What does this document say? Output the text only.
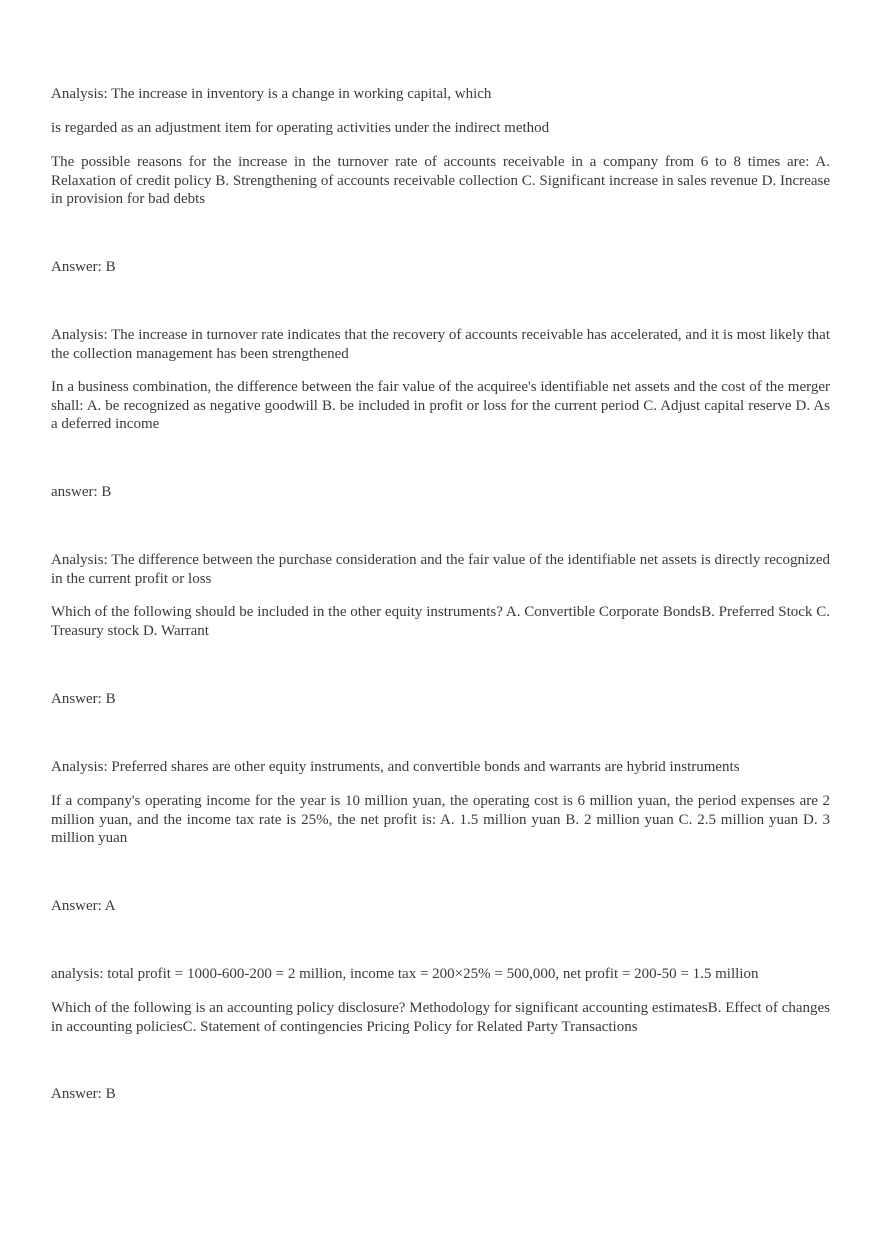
Analysis: The increase in inventory is a change in working capital, which

is regarded as an adjustment item for operating activities under the indirect method

The possible reasons for the increase in the turnover rate of accounts receivable in a company from 6 to 8 times are: A. Relaxation of credit policy B. Strengthening of accounts receivable collection C. Significant increase in sales revenue D. Increase in provision for bad debts

Answer: B

Analysis: The increase in turnover rate indicates that the recovery of accounts receivable has accelerated, and it is most likely that the collection management has been strengthened

In a business combination, the difference between the fair value of the acquiree's identifiable net assets and the cost of the merger shall: A. be recognized as negative goodwill B. be included in profit or loss for the current period C. Adjust capital reserve D. As a deferred income

answer: B

Analysis: The difference between the purchase consideration and the fair value of the identifiable net assets is directly recognized in the current profit or loss

Which of the following should be included in the other equity instruments? A. Convertible Corporate BondsB. Preferred Stock C. Treasury stock D. Warrant

Answer: B

Analysis: Preferred shares are other equity instruments, and convertible bonds and warrants are hybrid instruments

If a company's operating income for the year is 10 million yuan, the operating cost is 6 million yuan, the period expenses are 2 million yuan, and the income tax rate is 25%, the net profit is: A. 1.5 million yuan B. 2 million yuan C. 2.5 million yuan D. 3 million yuan

Answer: A

analysis: total profit = 1000-600-200 = 2 million, income tax = 200×25% = 500,000, net profit = 200-50 = 1.5 million

Which of the following is an accounting policy disclosure? Methodology for significant accounting estimatesB. Effect of changes in accounting policiesC. Statement of contingencies Pricing Policy for Related Party Transactions

Answer: B
